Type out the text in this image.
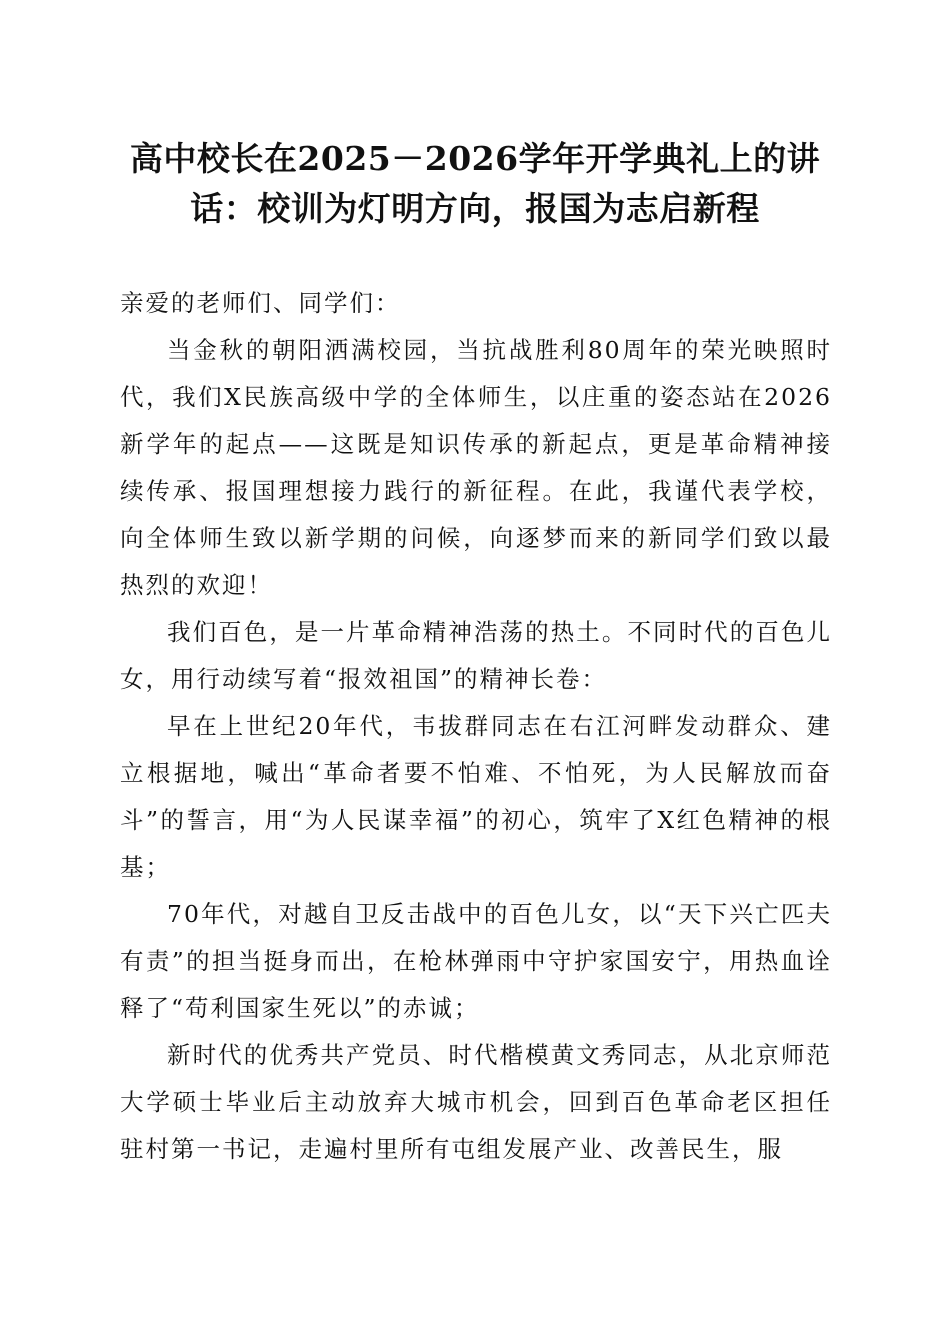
高中校长在2025－2026学年开学典礼上的讲话：校训为灯明方向，报国为志启新程

亲爱的老师们、同学们：

当金秋的朝阳洒满校园，当抗战胜利80周年的荣光映照时代，我们X民族高级中学的全体师生，以庄重的姿态站在2026新学年的起点——这既是知识传承的新起点，更是革命精神接续传承、报国理想接力践行的新征程。在此，我谨代表学校，向全体师生致以新学期的问候，向逐梦而来的新同学们致以最热烈的欢迎！

我们百色，是一片革命精神浩荡的热土。不同时代的百色儿女，用行动续写着“报效祖国”的精神长卷：

早在上世纪20年代，韦拔群同志在右江河畔发动群众、建立根据地，喊出“革命者要不怕难、不怕死，为人民解放而奋斗”的誓言，用“为人民谋幸福”的初心，筑牢了X红色精神的根基；

70年代，对越自卫反击战中的百色儿女，以“天下兴亡匹夫有责”的担当挺身而出，在枪林弹雨中守护家国安宁，用热血诠释了“苟利国家生死以”的赤诚；

新时代的优秀共产党员、时代楷模黄文秀同志，从北京师范大学硕士毕业后主动放弃大城市机会，回到百色革命老区担任驻村第一书记，走遍村里所有屯组发展产业、改善民生，服
